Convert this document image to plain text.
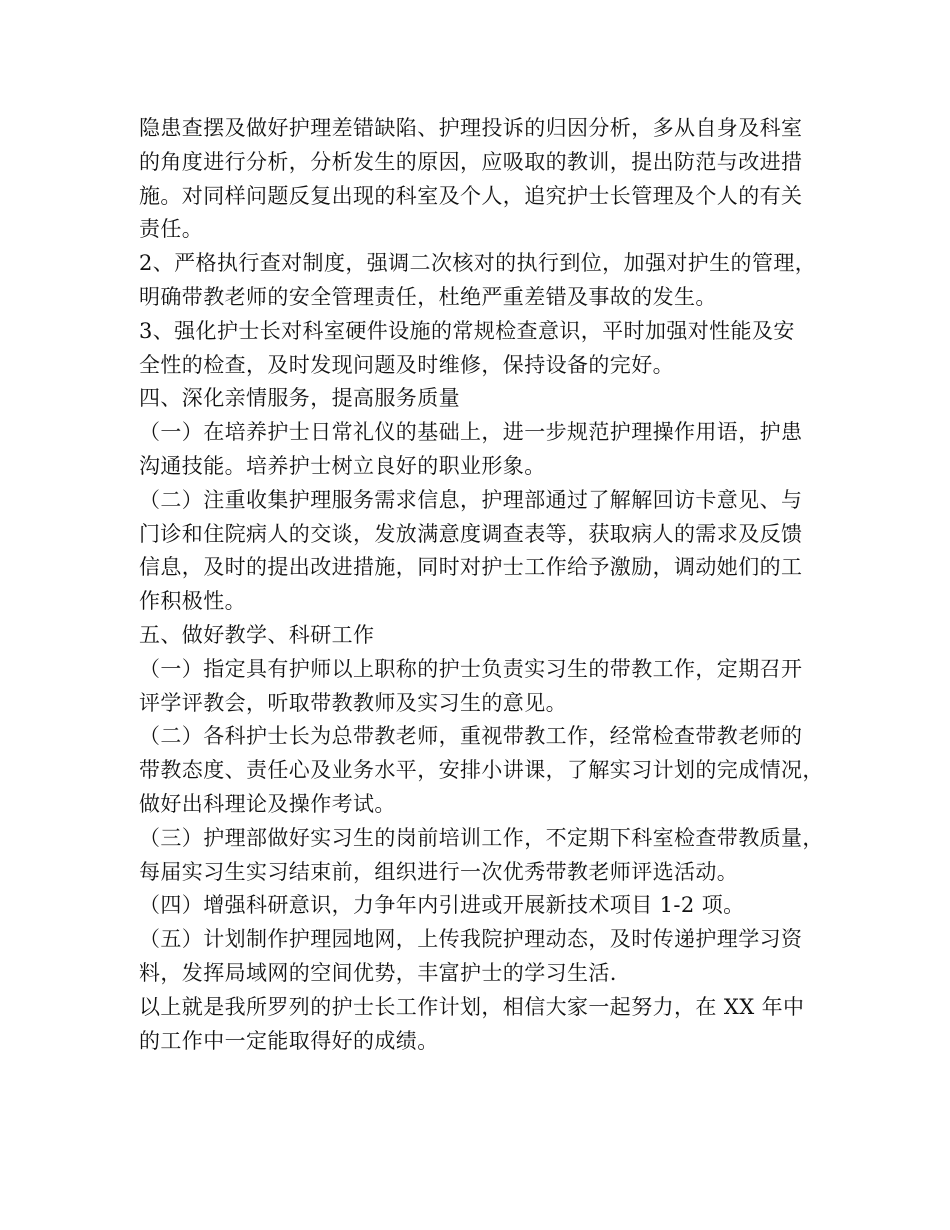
隐患查摆及做好护理差错缺陷、护理投诉的归因分析，多从自身及科室
的角度进行分析，分析发生的原因，应吸取的教训，提出防范与改进措
施。对同样问题反复出现的科室及个人，追究护士长管理及个人的有关
责任。
2、严格执行查对制度，强调二次核对的执行到位，加强对护生的管理，
明确带教老师的安全管理责任，杜绝严重差错及事故的发生。
3、强化护士长对科室硬件设施的常规检查意识，平时加强对性能及安
全性的检查，及时发现问题及时维修，保持设备的完好。
四、深化亲情服务，提高服务质量
（一）在培养护士日常礼仪的基础上，进一步规范护理操作用语，护患
沟通技能。培养护士树立良好的职业形象。
（二）注重收集护理服务需求信息，护理部通过了解解回访卡意见、与
门诊和住院病人的交谈，发放满意度调查表等，获取病人的需求及反馈
信息，及时的提出改进措施，同时对护士工作给予激励，调动她们的工
作积极性。
五、做好教学、科研工作
（一）指定具有护师以上职称的护士负责实习生的带教工作，定期召开
评学评教会，听取带教教师及实习生的意见。
（二）各科护士长为总带教老师，重视带教工作，经常检查带教老师的
带教态度、责任心及业务水平，安排小讲课，了解实习计划的完成情况，
做好出科理论及操作考试。
（三）护理部做好实习生的岗前培训工作，不定期下科室检查带教质量，
每届实习生实习结束前，组织进行一次优秀带教老师评选活动。
（四）增强科研意识，力争年内引进或开展新技术项目 1-2 项。
（五）计划制作护理园地网，上传我院护理动态，及时传递护理学习资
料，发挥局域网的空间优势，丰富护士的学习生活.
以上就是我所罗列的护士长工作计划，相信大家一起努力，在 XX 年中
的工作中一定能取得好的成绩。
